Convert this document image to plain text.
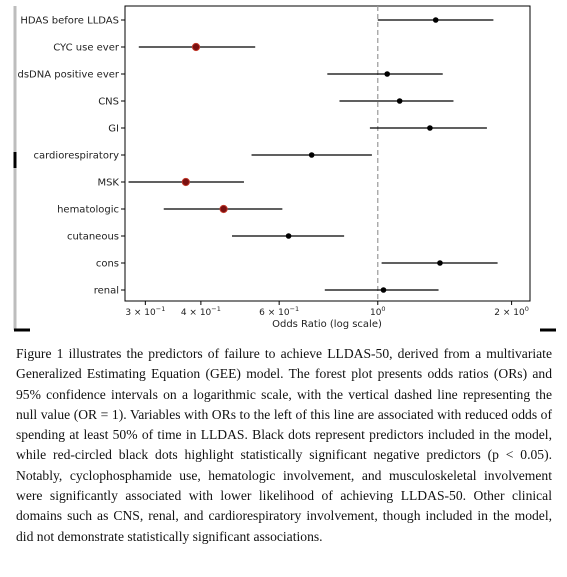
HDAS before LLDAS
CYC use ever
dsDNA positive ever
CNS
GI
cardiorespiratory
MSK
hematologic
cutaneous
cons
renal
$3 \times 10^{-1}$ $4 \times 10^{-1}$	$6 \times 10^{-1}$	$10^0$	$2 \times 10^0$
Odds Ratio (log scale)

Figure 1 illustrates the predictors of failure to achieve LLDAS-50, derived from a multivariate Generalized Estimating Equation (GEE) model. The forest plot presents odds ratios (ORs) and 95% confidence intervals on a logarithmic scale, with the vertical dashed line representing the null value (OR = 1). Variables with ORs to the left of this line are associated with reduced odds of spending at least 50% of time in LLDAS. Black dots represent predictors included in the model, while red-circled black dots highlight statistically significant negative predictors (p < 0.05). Notably, cyclophosphamide use, hematologic involvement, and musculoskeletal involvement were significantly associated with lower likelihood of achieving LLDAS-50. Other clinical domains such as CNS, renal, and cardiorespiratory involvement, though included in the model, did not demonstrate statistically significant associations.
